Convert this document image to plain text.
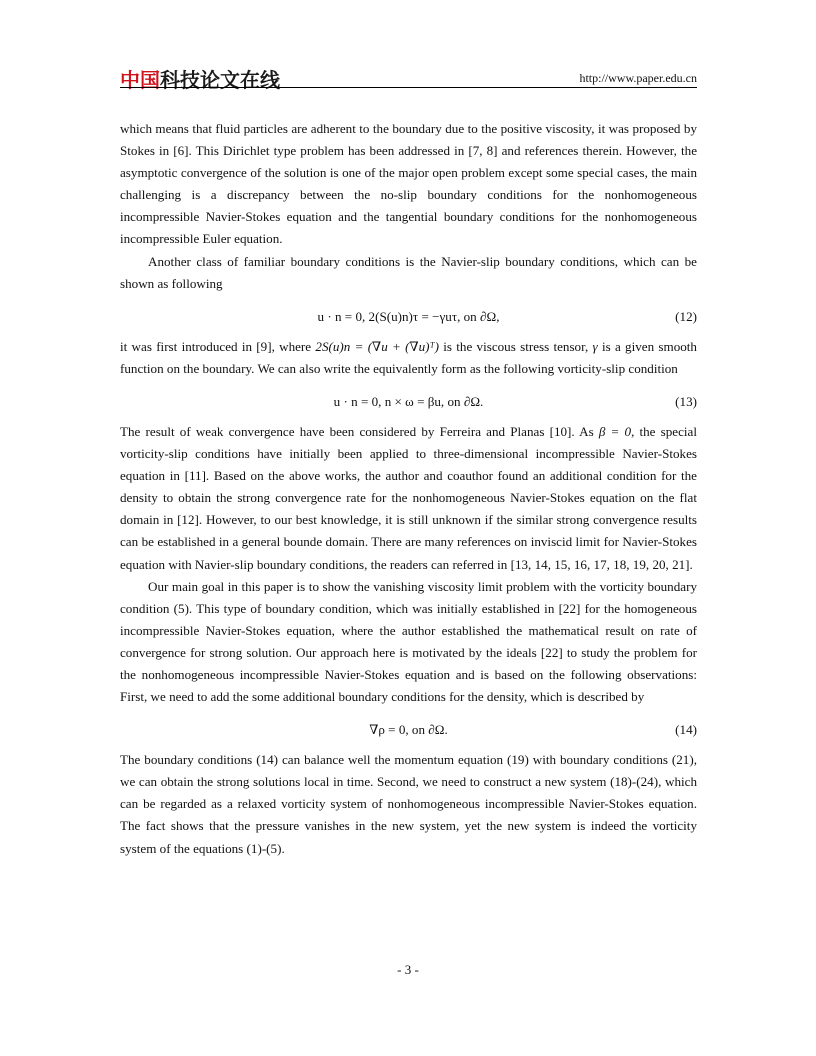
中国科技论文在线	http://www.paper.edu.cn

which means that fluid particles are adherent to the boundary due to the positive viscosity, it was proposed by Stokes in [6]. This Dirichlet type problem has been addressed in [7, 8] and references therein. However, the asymptotic convergence of the solution is one of the major open problem except some special cases, the main challenging is a discrepancy between the no-slip boundary conditions for the nonhomogeneous incompressible Navier-Stokes equation and the tangential boundary conditions for the nonhomogeneous incompressible Euler equation.

Another class of familiar boundary conditions is the Navier-slip boundary conditions, which can be shown as following

u · n = 0, 2(S(u)n)τ = −γuτ, on ∂Ω,	(12)

it was first introduced in [9], where 2S(u)n = (∇u + (∇u)ᵀ) is the viscous stress tensor, γ is a given smooth function on the boundary. We can also write the equivalently form as the following vorticity-slip condition

u · n = 0, n × ω = βu, on ∂Ω.	(13)

The result of weak convergence have been considered by Ferreira and Planas [10]. As β = 0, the special vorticity-slip conditions have initially been applied to three-dimensional incompressible Navier-Stokes equation in [11]. Based on the above works, the author and coauthor found an additional condition for the density to obtain the strong convergence rate for the nonhomogeneous Navier-Stokes equation on the flat domain in [12]. However, to our best knowledge, it is still unknown if the similar strong convergence results can be established in a general bounde domain. There are many references on inviscid limit for Navier-Stokes equation with Navier-slip boundary conditions, the readers can referred in [13, 14, 15, 16, 17, 18, 19, 20, 21].

Our main goal in this paper is to show the vanishing viscosity limit problem with the vorticity boundary condition (5). This type of boundary condition, which was initially established in [22] for the homogeneous incompressible Navier-Stokes equation, where the author established the mathematical result on rate of convergence for strong solution. Our approach here is motivated by the ideals [22] to study the problem for the nonhomogeneous incompressible Navier-Stokes equation and is based on the following observations: First, we need to add the some additional boundary conditions for the density, which is described by

∇ρ = 0, on ∂Ω.	(14)

The boundary conditions (14) can balance well the momentum equation (19) with boundary conditions (21), we can obtain the strong solutions local in time. Second, we need to construct a new system (18)-(24), which can be regarded as a relaxed vorticity system of nonhomogeneous incompressible Navier-Stokes equation. The fact shows that the pressure vanishes in the new system, yet the new system is indeed the vorticity system of the equations (1)-(5).

- 3 -
